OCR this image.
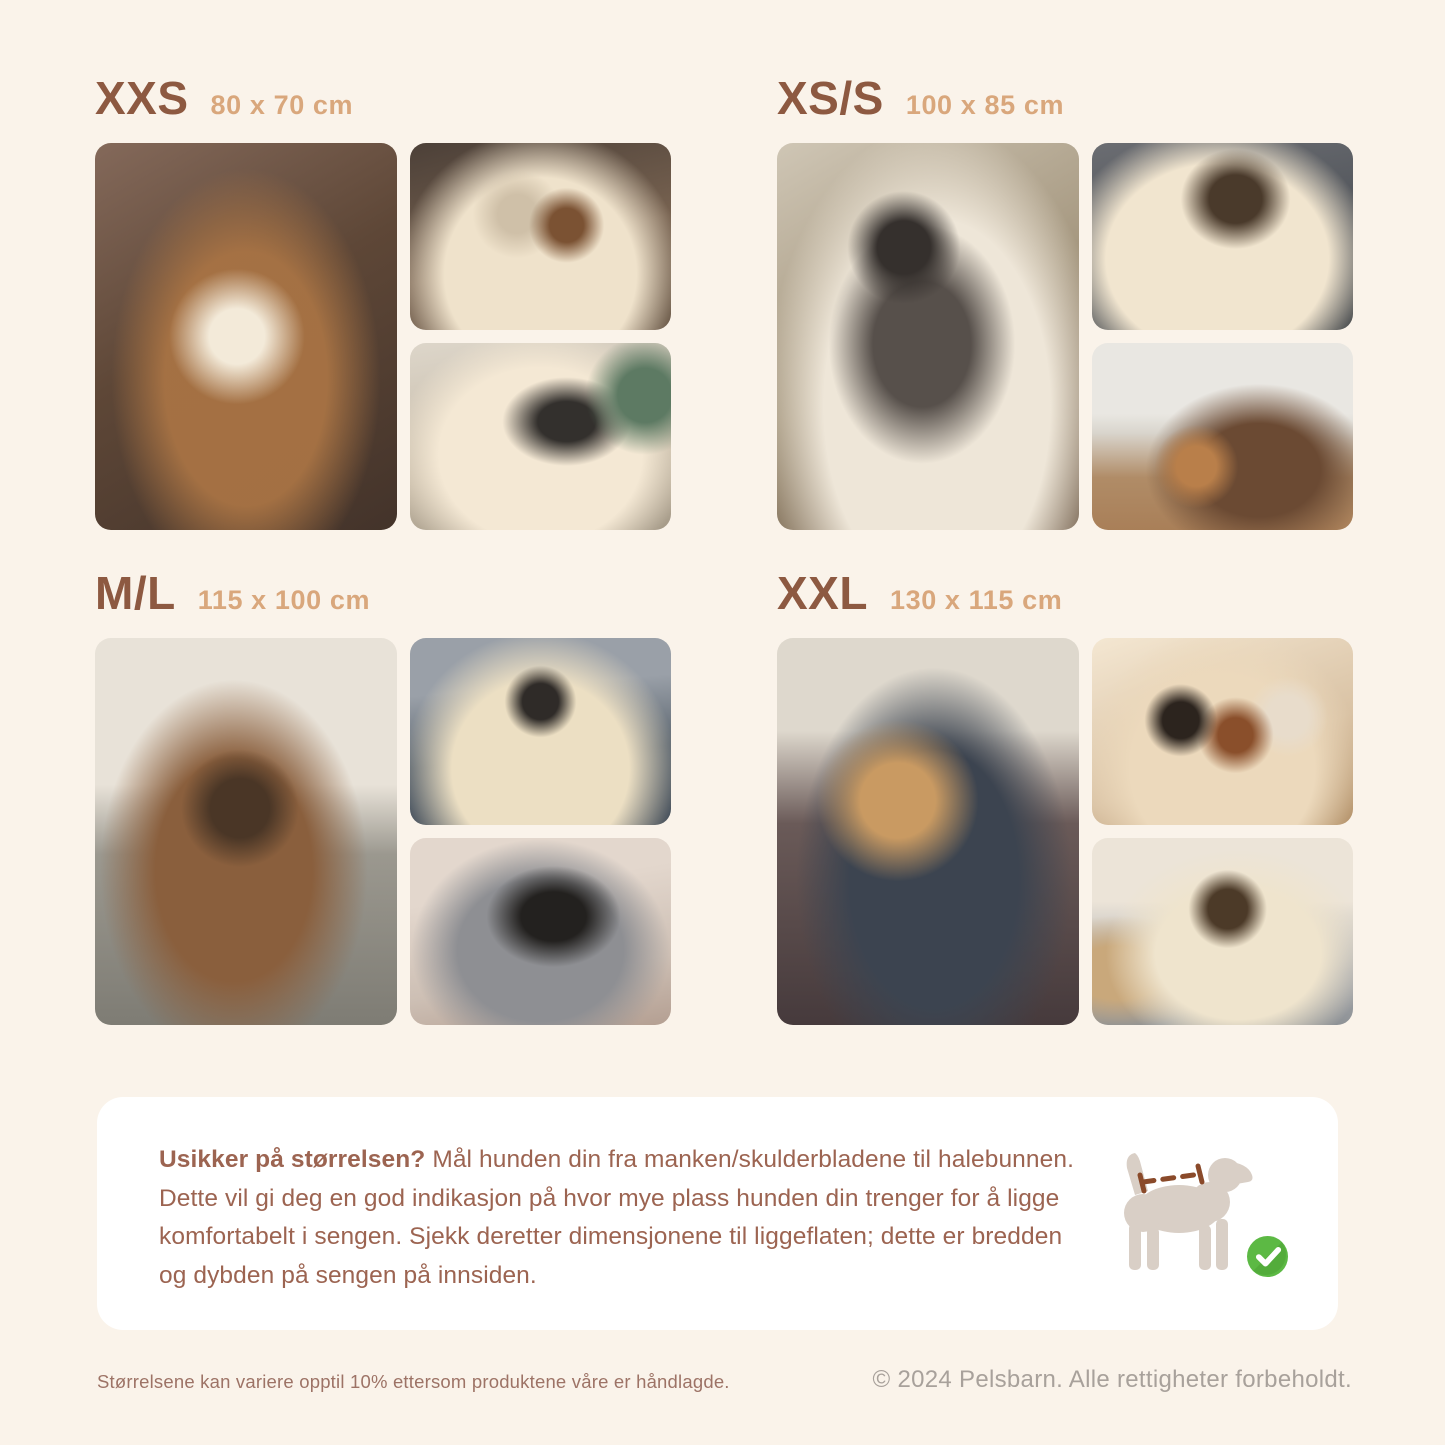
XXS 80 x 70 cm	XS/S 100 x 85 cm
M/L 115 x 100 cm	XXL 130 x 115 cm

Usikker på størrelsen? Mål hunden din fra manken/skulderbladene til halebunnen. Dette vil gi deg en god indikasjon på hvor mye plass hunden din trenger for å ligge komfortabelt i sengen. Sjekk deretter dimensjonene til liggeflaten; dette er bredden og dybden på sengen på innsiden.

Størrelsene kan variere opptil 10% ettersom produktene våre er håndlagde.	© 2024 Pelsbarn. Alle rettigheter forbeholdt.
